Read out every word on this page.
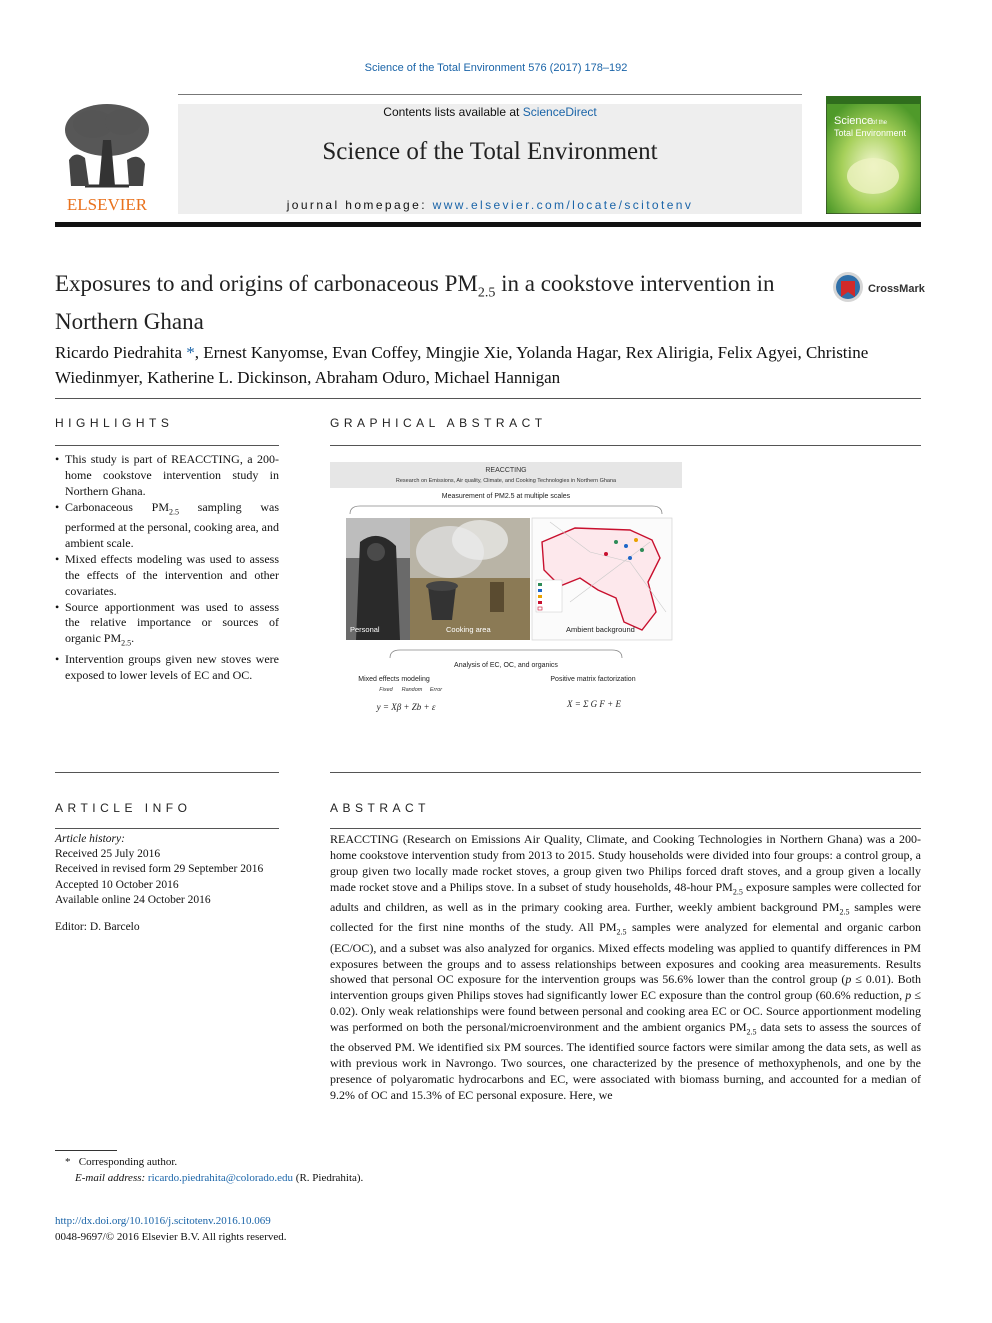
Science of the Total Environment 576 (2017) 178–192
Contents lists available at ScienceDirect
Science of the Total Environment
journal homepage: www.elsevier.com/locate/scitotenv
ELSEVIER
Science
of the
Total Environment
Exposures to and origins of carbonaceous $PM_{2.5}$ in a cookstove intervention in Northern Ghana
CrossMark
Ricardo Piedrahita *, Ernest Kanyomse, Evan Coffey, Mingjie Xie, Yolanda Hagar, Rex Alirigia, Felix Agyei, Christine Wiedinmyer, Katherine L. Dickinson, Abraham Oduro, Michael Hannigan
HIGHLIGHTS
• This study is part of REACCTING, a 200-home cookstove intervention study in Northern Ghana.
• Carbonaceous $PM_{2.5}$ sampling was performed at the personal, cooking area, and ambient scale.
• Mixed effects modeling was used to assess the effects of the intervention and other covariates.
• Source apportionment was used to assess the relative importance or sources of organic $PM_{2.5}$.
• Intervention groups given new stoves were exposed to lower levels of EC and OC.
GRAPHICAL ABSTRACT
REACCTING
Research on Emissions, Air quality, Climate, and Cooking Technologies in Northern Ghana
Measurement of PM2.5 at multiple scales
Personal	Cooking area	Ambient background
Analysis of EC, OC, and organics
Mixed effects modeling
Fixed Random Error
y = Xβ + Zb + ε
Positive matrix factorization
X = Σ G F + E
ARTICLE INFO
Article history:
Received 25 July 2016
Received in revised form 29 September 2016
Accepted 10 October 2016
Available online 24 October 2016
Editor: D. Barcelo
ABSTRACT
REACCTING (Research on Emissions Air Quality, Climate, and Cooking Technologies in Northern Ghana) was a 200-home cookstove intervention study from 2013 to 2015. Study households were divided into four groups: a control group, a group given two locally made rocket stoves, a group given two Philips forced draft stoves, and a group given a locally made rocket stove and a Philips stove. In a subset of study households, 48-hour $PM_{2.5}$ exposure samples were collected for adults and children, as well as in the primary cooking area. Further, weekly ambient background $PM_{2.5}$ samples were collected for the first nine months of the study. All $PM_{2.5}$ samples were analyzed for elemental and organic carbon (EC/OC), and a subset was also analyzed for organics. Mixed effects modeling was applied to quantify differences in PM exposures between the groups and to assess relationships between exposures and cooking area measurements. Results showed that personal OC exposure for the intervention groups was 56.6% lower than the control group (p ≤ 0.01). Both intervention groups given Philips stoves had significantly lower EC exposure than the control group (60.6% reduction, p ≤ 0.02). Only weak relationships were found between personal and cooking area EC or OC. Source apportionment modeling was performed on both the personal/microenvironment and the ambient organics $PM_{2.5}$ data sets to assess the sources of the observed PM. We identified six PM sources. The identified source factors were similar among the data sets, as well as with previous work in Navrongo. Two sources, one characterized by the presence of methoxyphenols, and one by the presence of polyaromatic hydrocarbons and EC, were associated with biomass burning, and accounted for a median of 9.2% of OC and 15.3% of EC personal exposure. Here, we
* Corresponding author.
E-mail address: ricardo.piedrahita@colorado.edu (R. Piedrahita).
http://dx.doi.org/10.1016/j.scitotenv.2016.10.069
0048-9697/© 2016 Elsevier B.V. All rights reserved.
